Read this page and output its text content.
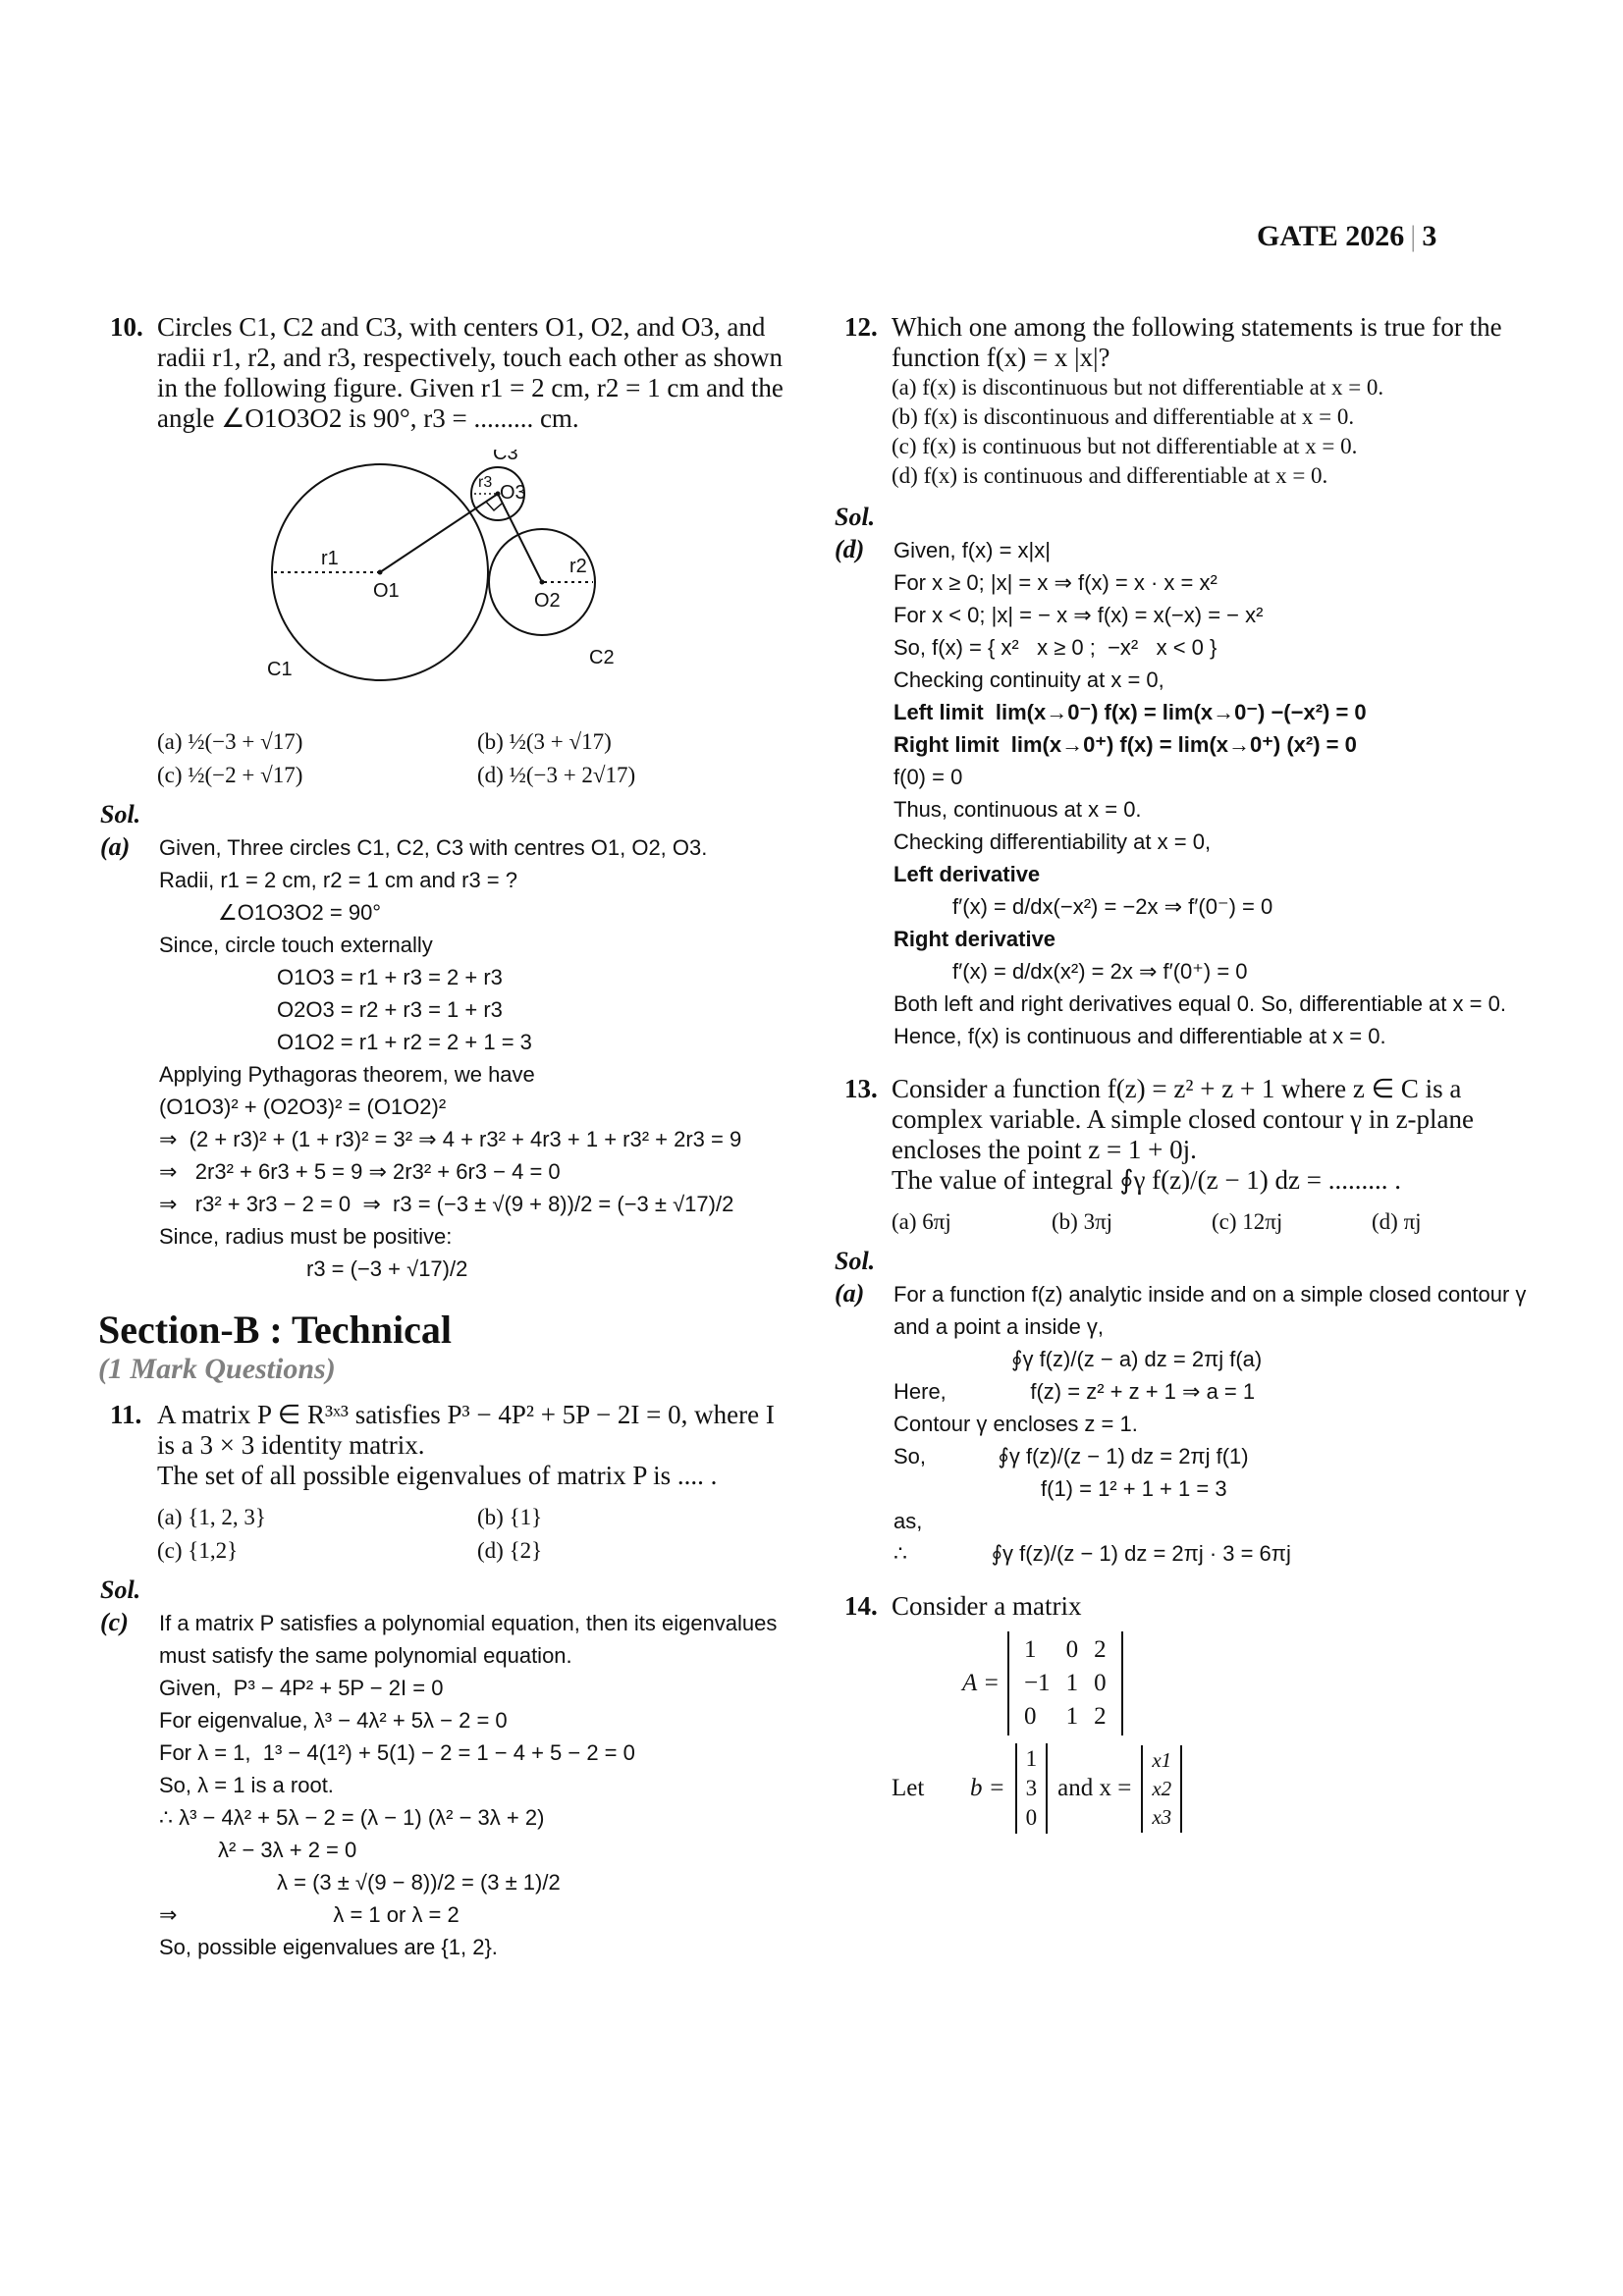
GATE 2026 | 3
10. Circles C1, C2 and C3, with centers O1, O2, and O3, and radii r1, r2, and r3, respectively, touch each other as shown in the following figure. Given r1 = 2 cm, r2 = 1 cm and the angle ∠O1O3O2 is 90°, r3 = ......... cm.
O1	O2
O3
C1
C2
C3
r1	r2
r3
(a) ½(−3 + √17)	(b) ½(3 + √17)
(c) ½(−2 + √17)	(d) ½(−3 + 2√17)

Sol. (a) Given, Three circles C1, C2, C3 with centres O1, O2, O3.

Radii, r1 = 2 cm, r2 = 1 cm and r3 = ?

∠O1O3O2 = 90°

Since, circle touch externally

O1O3 = r1 + r3 = 2 + r3

O2O3 = r2 + r3 = 1 + r3

O1O2 = r1 + r2 = 2 + 1 = 3

Applying Pythagoras theorem, we have

(O1O3)² + (O2O3)² = (O1O2)²

⇒  (2 + r3)² + (1 + r3)² = 3² ⇒ 4 + r3² + 4r3 + 1 + r3² + 2r3 = 9

⇒   2r3² + 6r3 + 5 = 9 ⇒ 2r3² + 6r3 − 4 = 0

⇒   r3² + 3r3 − 2 = 0  ⇒  r3 = (−3 ± √(9 + 8))/2 = (−3 ± √17)/2

Since, radius must be positive:

r3 = (−3 + √17)/2

Section-B : Technical
(1 Mark Questions)
11. A matrix P ∈ R³ˣ³ satisfies P³ − 4P² + 5P − 2I = 0, where I is a 3 × 3 identity matrix.
The set of all possible eigenvalues of matrix P is .... .
(a) {1, 2, 3}	(b) {1}
(c) {1,2}	(d) {2}

Sol. (c) If a matrix P satisfies a polynomial equation, then its eigenvalues must satisfy the same polynomial equation.

Given,  P³ − 4P² + 5P − 2I = 0

For eigenvalue, λ³ − 4λ² + 5λ − 2 = 0

For λ = 1,  1³ − 4(1²) + 5(1) − 2 = 1 − 4 + 5 − 2 = 0

So, λ = 1 is a root.

∴ λ³ − 4λ² + 5λ − 2 = (λ − 1) (λ² − 3λ + 2)

λ² − 3λ + 2 = 0

λ = (3 ± √(9 − 8))/2 = (3 ± 1)/2

⇒                          λ = 1 or λ = 2

So, possible eigenvalues are {1, 2}.

12. Which one among the following statements is true for the function f(x) = x |x|?
(a) f(x) is discontinuous but not differentiable at x = 0.
(b) f(x) is discontinuous and differentiable at x = 0.
(c) f(x) is continuous but not differentiable at x = 0.
(d) f(x) is continuous and differentiable at x = 0.

Sol. (d) Given, f(x) = x|x|

For x ≥ 0; |x| = x ⇒ f(x) = x · x = x²

For x < 0; |x| = − x ⇒ f(x) = x(−x) = − x²

So, f(x) = { x²   x ≥ 0 ;  −x²   x < 0 }

Checking continuity at x = 0,

Left limit  lim(x→0⁻) f(x) = lim(x→0⁻) −(−x²) = 0

Right limit  lim(x→0⁺) f(x) = lim(x→0⁺) (x²) = 0

f(0) = 0

Thus, continuous at x = 0.

Checking differentiability at x = 0,

Left derivative

f′(x) = d/dx(−x²) = −2x ⇒ f′(0⁻) = 0

Right derivative

f′(x) = d/dx(x²) = 2x ⇒ f′(0⁺) = 0

Both left and right derivatives equal 0. So, differentiable at x = 0.

Hence, f(x) is continuous and differentiable at x = 0.

13. Consider a function f(z) = z² + z + 1 where z ∈ C is a complex variable. A simple closed contour γ in z-plane encloses the point z = 1 + 0j.
The value of integral ∮γ f(z)/(z − 1) dz = ......... .
(a) 6πj	(b) 3πj	(c) 12πj	(d) πj

Sol. (a) For a function f(z) analytic inside and on a simple closed contour γ and a point a inside γ,

∮γ f(z)/(z − a) dz = 2πj f(a)

Here,              f(z) = z² + z + 1 ⇒ a = 1

Contour γ encloses z = 1.

So,            ∮γ f(z)/(z − 1) dz = 2πj f(1)

f(1) = 1² + 1 + 1 = 3

as,

∴              ∮γ f(z)/(z − 1) dz = 2πj · 3 = 6πj

14. Consider a matrix
A =
1	0	2
−1	1	0
0	1	2
Let	b =
1
3
0
and x =
x1
x2
x3
